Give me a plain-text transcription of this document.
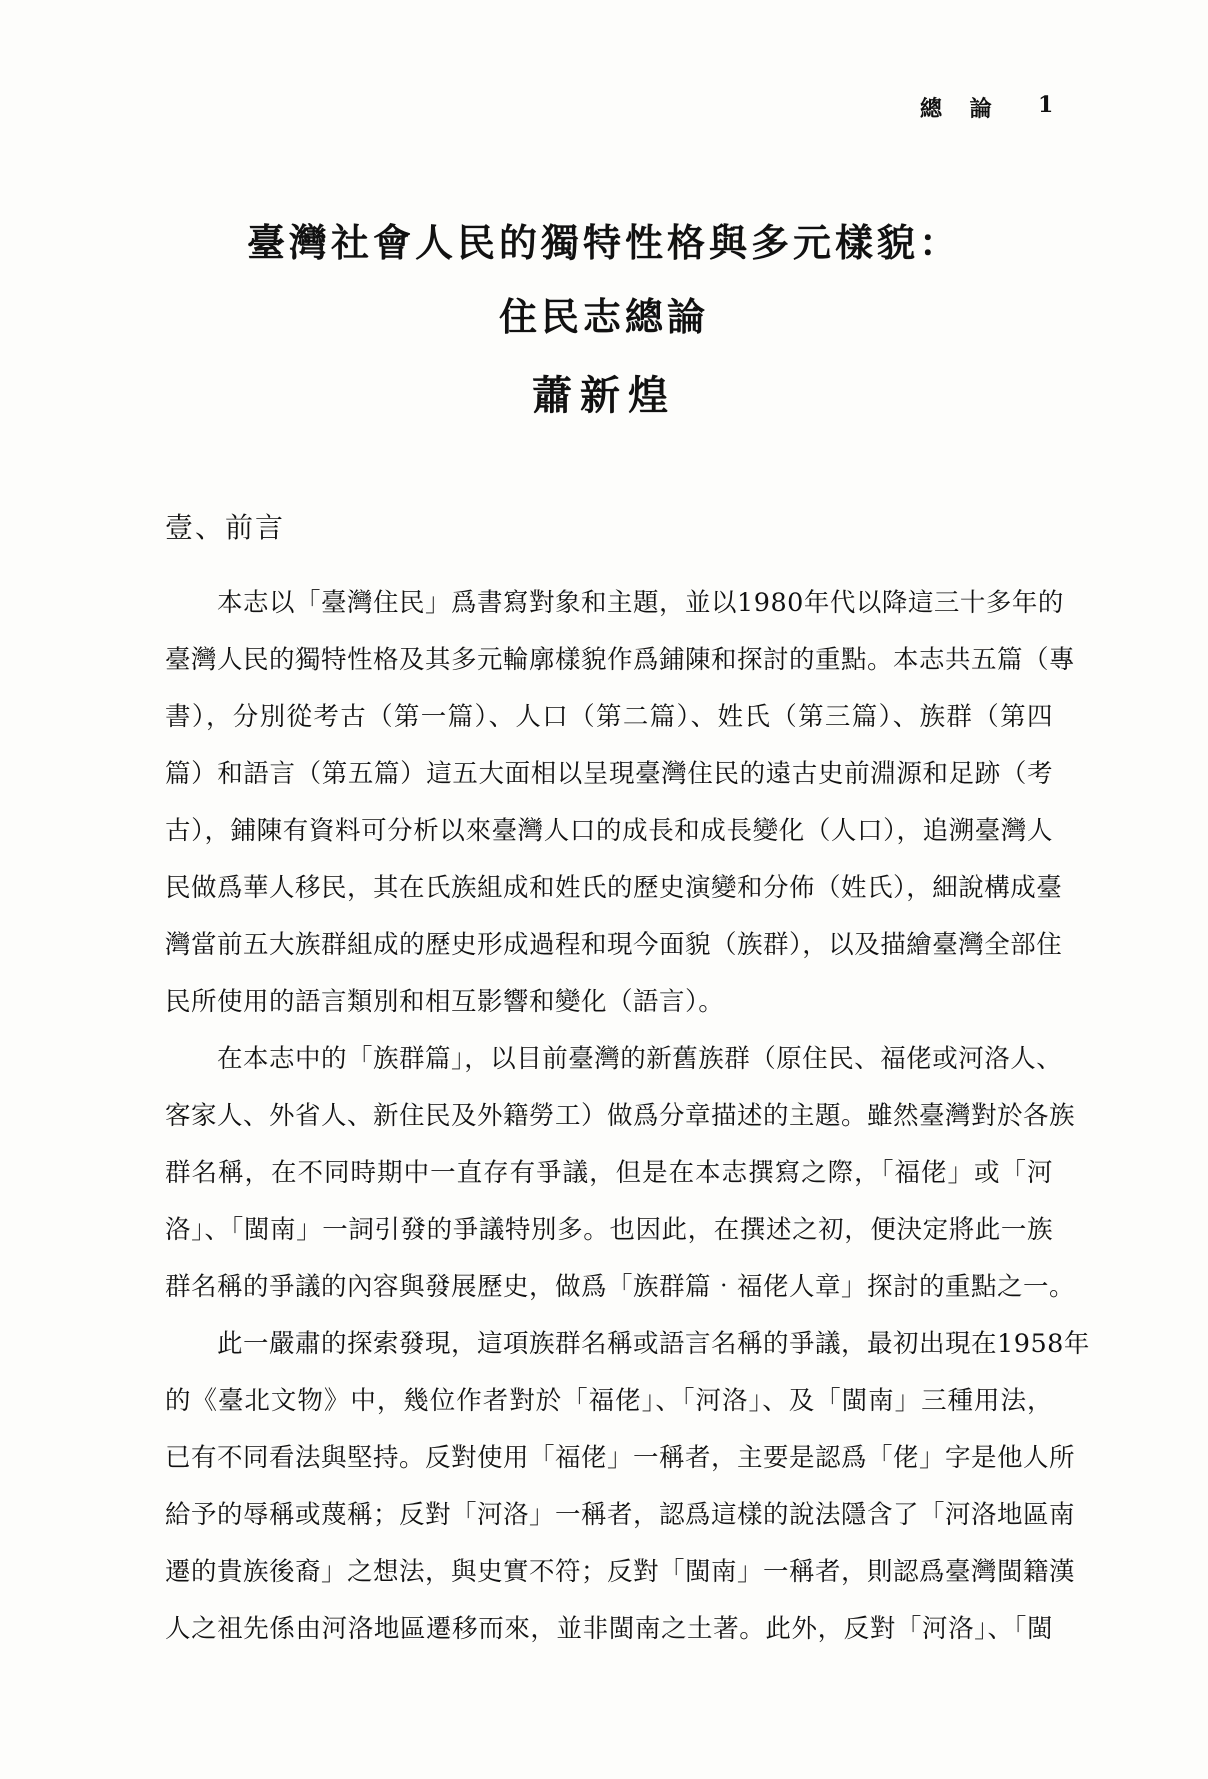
總 論 1
臺灣社會人民的獨特性格與多元樣貌：
住民志總論
蕭新煌
壹、前言
本志以「臺灣住民」爲書寫對象和主題，並以1980年代以降這三十多年的
臺灣人民的獨特性格及其多元輪廓樣貌作爲鋪陳和探討的重點。本志共五篇（專
書），分別從考古（第一篇）、人口（第二篇）、姓氏（第三篇）、族群（第四
篇）和語言（第五篇）這五大面相以呈現臺灣住民的遠古史前淵源和足跡（考
古），鋪陳有資料可分析以來臺灣人口的成長和成長變化（人口），追溯臺灣人
民做爲華人移民，其在氏族組成和姓氏的歷史演變和分佈（姓氏），細說構成臺
灣當前五大族群組成的歷史形成過程和現今面貌（族群），以及描繪臺灣全部住
民所使用的語言類別和相互影響和變化（語言）。
在本志中的「族群篇」，以目前臺灣的新舊族群（原住民、福佬或河洛人、
客家人、外省人、新住民及外籍勞工）做爲分章描述的主題。雖然臺灣對於各族
群名稱，在不同時期中一直存有爭議，但是在本志撰寫之際，「福佬」或「河
洛」、「閩南」一詞引發的爭議特別多。也因此，在撰述之初，便決定將此一族
群名稱的爭議的內容與發展歷史，做爲「族群篇‧福佬人章」探討的重點之一。
此一嚴肅的探索發現，這項族群名稱或語言名稱的爭議，最初出現在1958年
的《臺北文物》中，幾位作者對於「福佬」、「河洛」、及「閩南」三種用法，
已有不同看法與堅持。反對使用「福佬」一稱者，主要是認爲「佬」字是他人所
給予的辱稱或蔑稱；反對「河洛」一稱者，認爲這樣的說法隱含了「河洛地區南
遷的貴族後裔」之想法，與史實不符；反對「閩南」一稱者，則認爲臺灣閩籍漢
人之祖先係由河洛地區遷移而來，並非閩南之土著。此外，反對「河洛」、「閩
